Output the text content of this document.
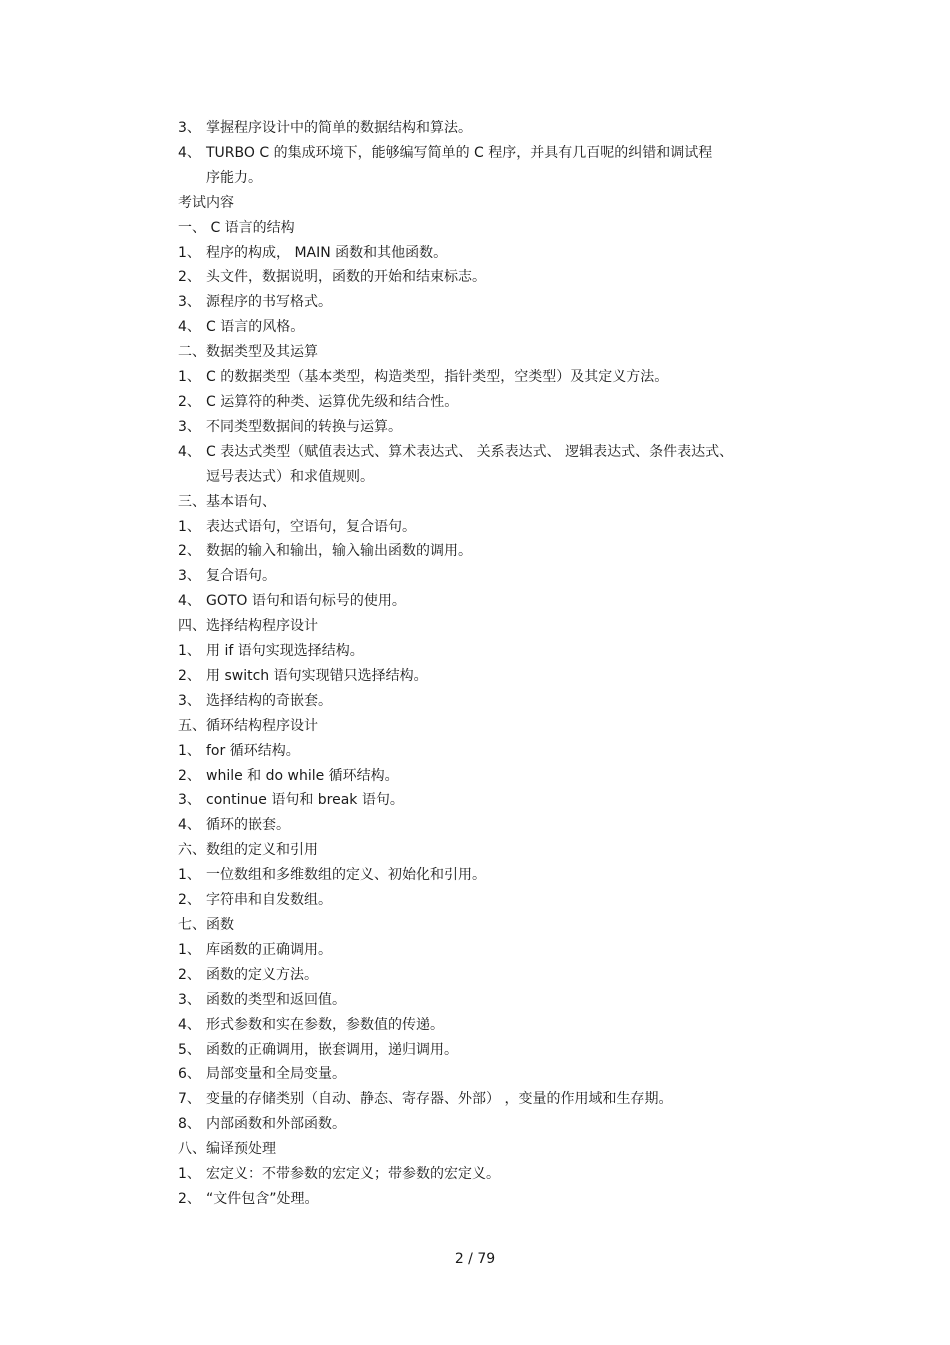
3、 掌握程序设计中的简单的数据结构和算法。
4、 TURBO C 的集成环境下，能够编写简单的 C 程序，并具有几百呢的纠错和调试程
序能力。
考试内容
一、 C 语言的结构
1、 程序的构成， MAIN 函数和其他函数。
2、 头文件，数据说明，函数的开始和结束标志。
3、 源程序的书写格式。
4、 C 语言的风格。
二、数据类型及其运算
1、 C 的数据类型（基本类型，构造类型，指针类型，空类型）及其定义方法。
2、 C 运算符的种类、运算优先级和结合性。
3、 不同类型数据间的转换与运算。
4、 C 表达式类型（赋值表达式、算术表达式、 关系表达式、 逻辑表达式、条件表达式、
逗号表达式）和求值规则。
三、基本语句、
1、 表达式语句，空语句，复合语句。
2、 数据的输入和输出，输入输出函数的调用。
3、 复合语句。
4、 GOTO 语句和语句标号的使用。
四、选择结构程序设计
1、 用 if 语句实现选择结构。
2、 用 switch 语句实现错只选择结构。
3、 选择结构的奇嵌套。
五、循环结构程序设计
1、 for 循环结构。
2、 while 和 do while 循环结构。
3、 continue 语句和 break 语句。
4、 循环的嵌套。
六、数组的定义和引用
1、 一位数组和多维数组的定义、初始化和引用。
2、 字符串和自发数组。
七、函数
1、 库函数的正确调用。
2、 函数的定义方法。
3、 函数的类型和返回值。
4、 形式参数和实在参数，参数值的传递。
5、 函数的正确调用，嵌套调用，递归调用。
6、 局部变量和全局变量。
7、 变量的存储类别（自动、静态、寄存器、外部） ，变量的作用域和生存期。
8、 内部函数和外部函数。
八、编译预处理
1、 宏定义：不带参数的宏定义；带参数的宏定义。
2、 “文件包含”处理。
2 / 79
